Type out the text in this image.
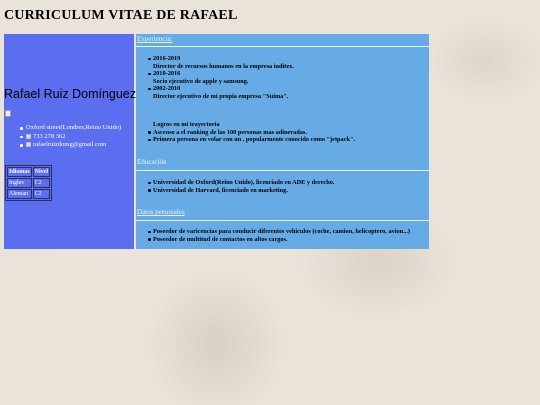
CURRICULUM VITAE DE RAFAEL
Rafael Ruiz Domínguez
Oxford street(Londres,Reino Unido)
733 278 362
rafaelruizdomg@gmail.com
Idiomas	Nivel
Ingles	C2
Aleman	C2
Experiencia:
2016-2019
Director de recursos humanos en la empresa inditex.
2010-2016
Socio ejecutivo de apple y samsung.
2002-2010
Director ejecutivo de mi propia empresa "Suima".
Logros en mi trayectoria
Ascenso a el ranking de las 100 personas mas adineradas.
Primera persona en volar con un , popularmente conocido como "jetpack".
Educación
Universidad de Oxford(Reino Unido), licenciado en ADE y derecho.
Universidad de Harvard, licenciado en marketing.
Datos personales
Poseedor de varicencias para conducir diferentes vehiculos (coche, camion, helicoptero, avion...)
Poseedor de multitud de contactos en altos cargos.
